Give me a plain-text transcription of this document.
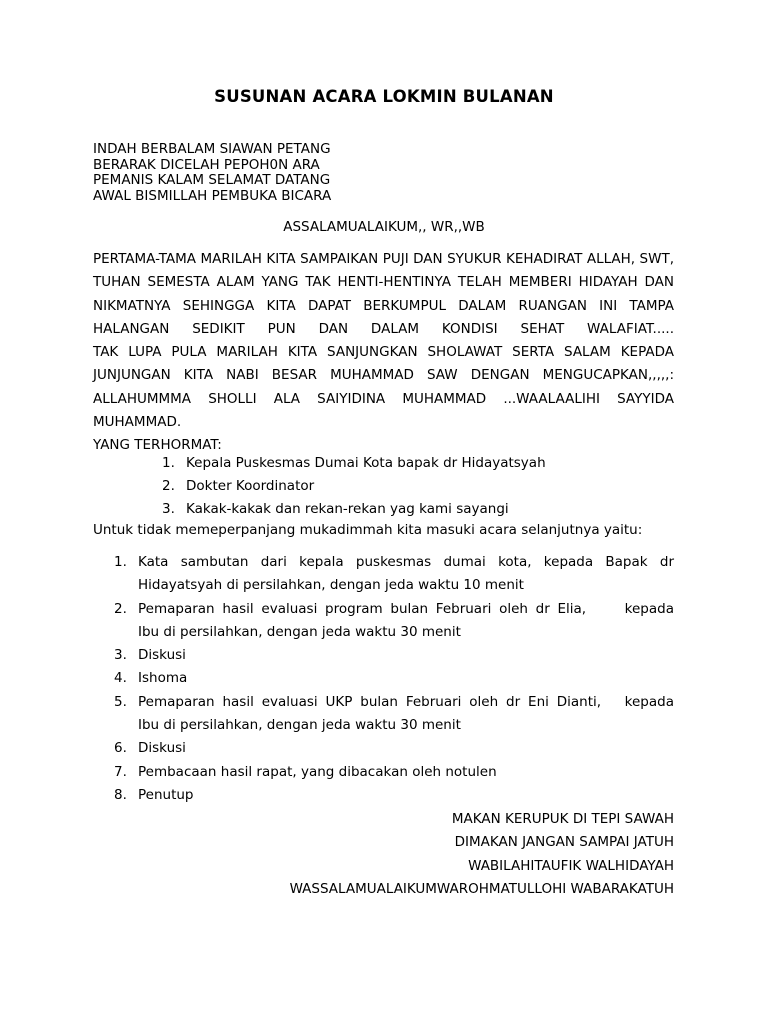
SUSUNAN ACARA LOKMIN BULANAN
INDAH BERBALAM SIAWAN PETANG
BERARAK DICELAH PEPOH0N ARA
PEMANIS KALAM SELAMAT DATANG
AWAL BISMILLAH PEMBUKA BICARA
ASSALAMUALAIKUM,, WR,,WB

PERTAMA-TAMA MARILAH KITA SAMPAIKAN PUJI DAN SYUKUR KEHADIRAT ALLAH, SWT, TUHAN SEMESTA ALAM YANG TAK HENTI-HENTINYA TELAH MEMBERI HIDAYAH DAN NIKMATNYA SEHINGGA KITA DAPAT BERKUMPUL DALAM RUANGAN INI TAMPA HALANGAN SEDIKIT PUN DAN DALAM KONDISI SEHAT WALAFIAT.....

TAK LUPA PULA MARILAH KITA SANJUNGKAN SHOLAWAT SERTA SALAM KEPADA JUNJUNGAN KITA NABI BESAR MUHAMMAD SAW DENGAN MENGUCAPKAN,,,,,: ALLAHUMMMA SHOLLI ALA SAIYIDINA MUHAMMAD ...WAALAALIHI SAYYIDA MUHAMMAD.

YANG TERHORMAT:
1. Kepala Puskesmas Dumai Kota bapak dr Hidayatsyah
2. Dokter Koordinator
3. Kakak-kakak dan rekan-rekan yag kami sayangi
Untuk tidak memeperpanjang mukadimmah kita masuki acara selanjutnya yaitu:
1. Kata sambutan dari kepala puskesmas dumai kota, kepada Bapak dr
Hidayatsyah di persilahkan, dengan jeda waktu 10 menit
2. Pemaparan hasil evaluasi program bulan Februari oleh dr Elia,     kepada
Ibu di persilahkan, dengan jeda waktu 30 menit
3. Diskusi
4. Ishoma
5. Pemaparan hasil evaluasi UKP bulan Februari oleh dr Eni Dianti,   kepada
Ibu di persilahkan, dengan jeda waktu 30 menit
6. Diskusi
7. Pembacaan hasil rapat, yang dibacakan oleh notulen
8. Penutup
MAKAN KERUPUK DI TEPI SAWAH
DIMAKAN JANGAN SAMPAI JATUH
WABILAHITAUFIK WALHIDAYAH
WASSALAMUALAIKUMWAROHMATULLOHI WABARAKATUH
